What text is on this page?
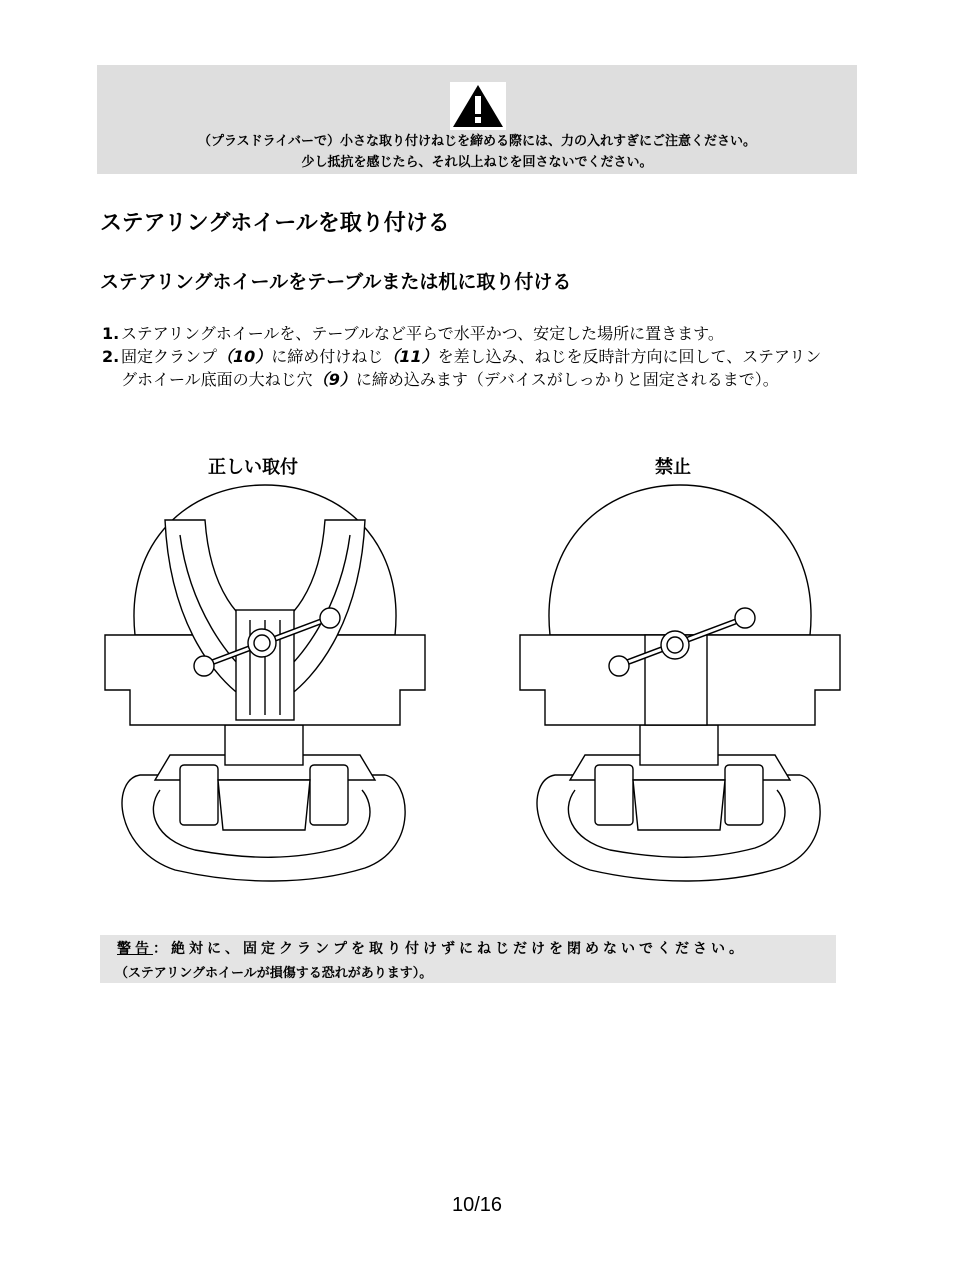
（プラスドライバーで）小さな取り付けねじを締める際には、力の入れすぎにご注意ください。
少し抵抗を感じたら、それ以上ねじを回さないでください。
ステアリングホイールを取り付ける
ステアリングホイールをテーブルまたは机に取り付ける
1. ステアリングホイールを、テーブルなど平らで水平かつ、安定した場所に置きます。
2. 固定クランプ（10）に締め付けねじ（11）を差し込み、ねじを反時計方向に回して、ステアリングホイール底面の大ねじ穴（9）に締め込みます（デバイスがしっかりと固定されるまで）。
正しい取付	禁止
警告：絶対に、固定クランプを取り付けずにねじだけを閉めないでください。
（ステアリングホイールが損傷する恐れがあります）。
10/16
